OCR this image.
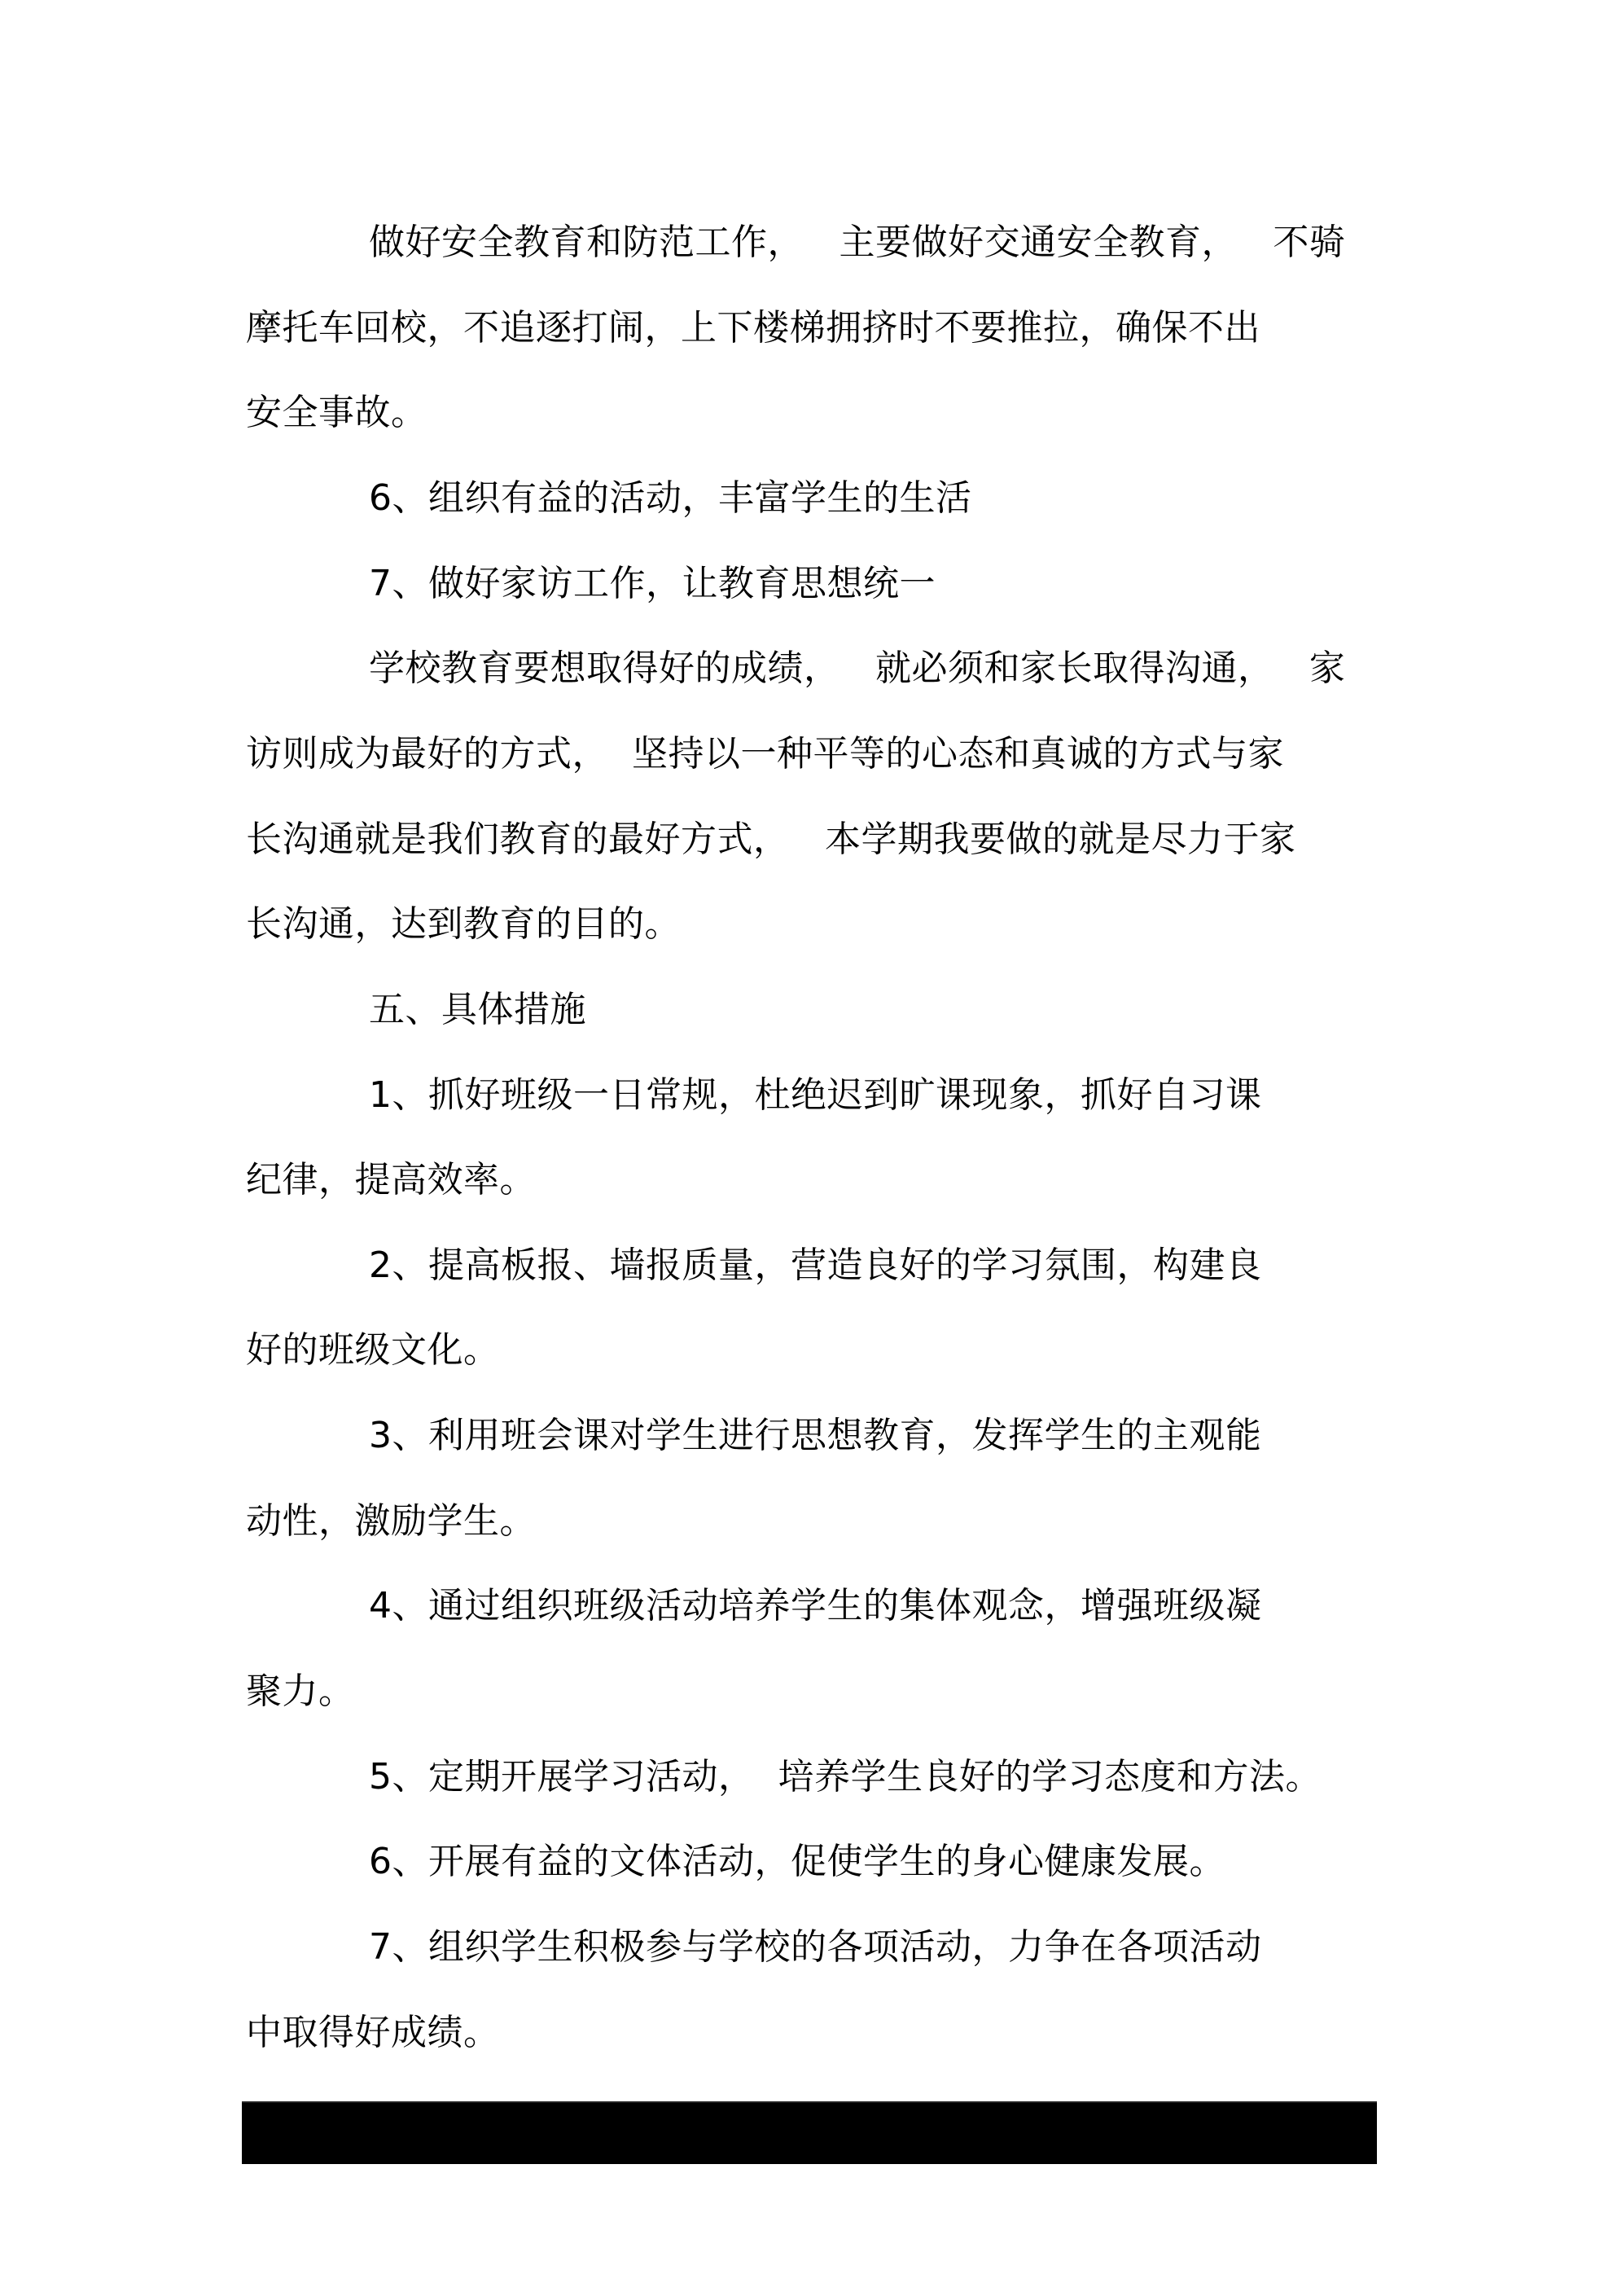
做好安全教育和防范工作，   主要做好交通安全教育，   不骑
摩托车回校，不追逐打闹，上下楼梯拥挤时不要推拉，确保不出
安全事故。
6、组织有益的活动，丰富学生的生活
7、做好家访工作，让教育思想统一
学校教育要想取得好的成绩，   就必须和家长取得沟通，   家
访则成为最好的方式，  坚持以一种平等的心态和真诚的方式与家
长沟通就是我们教育的最好方式，   本学期我要做的就是尽力于家
长沟通，达到教育的目的。
五、具体措施
1、抓好班级一日常规，杜绝迟到旷课现象，抓好自习课
纪律，提高效率。
2、提高板报、墙报质量，营造良好的学习氛围，构建良
好的班级文化。
3、利用班会课对学生进行思想教育，发挥学生的主观能
动性，激励学生。
4、通过组织班级活动培养学生的集体观念，增强班级凝
聚力。
5、定期开展学习活动，  培养学生良好的学习态度和方法。
6、开展有益的文体活动，促使学生的身心健康发展。
7、组织学生积极参与学校的各项活动，力争在各项活动
中取得好成绩。
